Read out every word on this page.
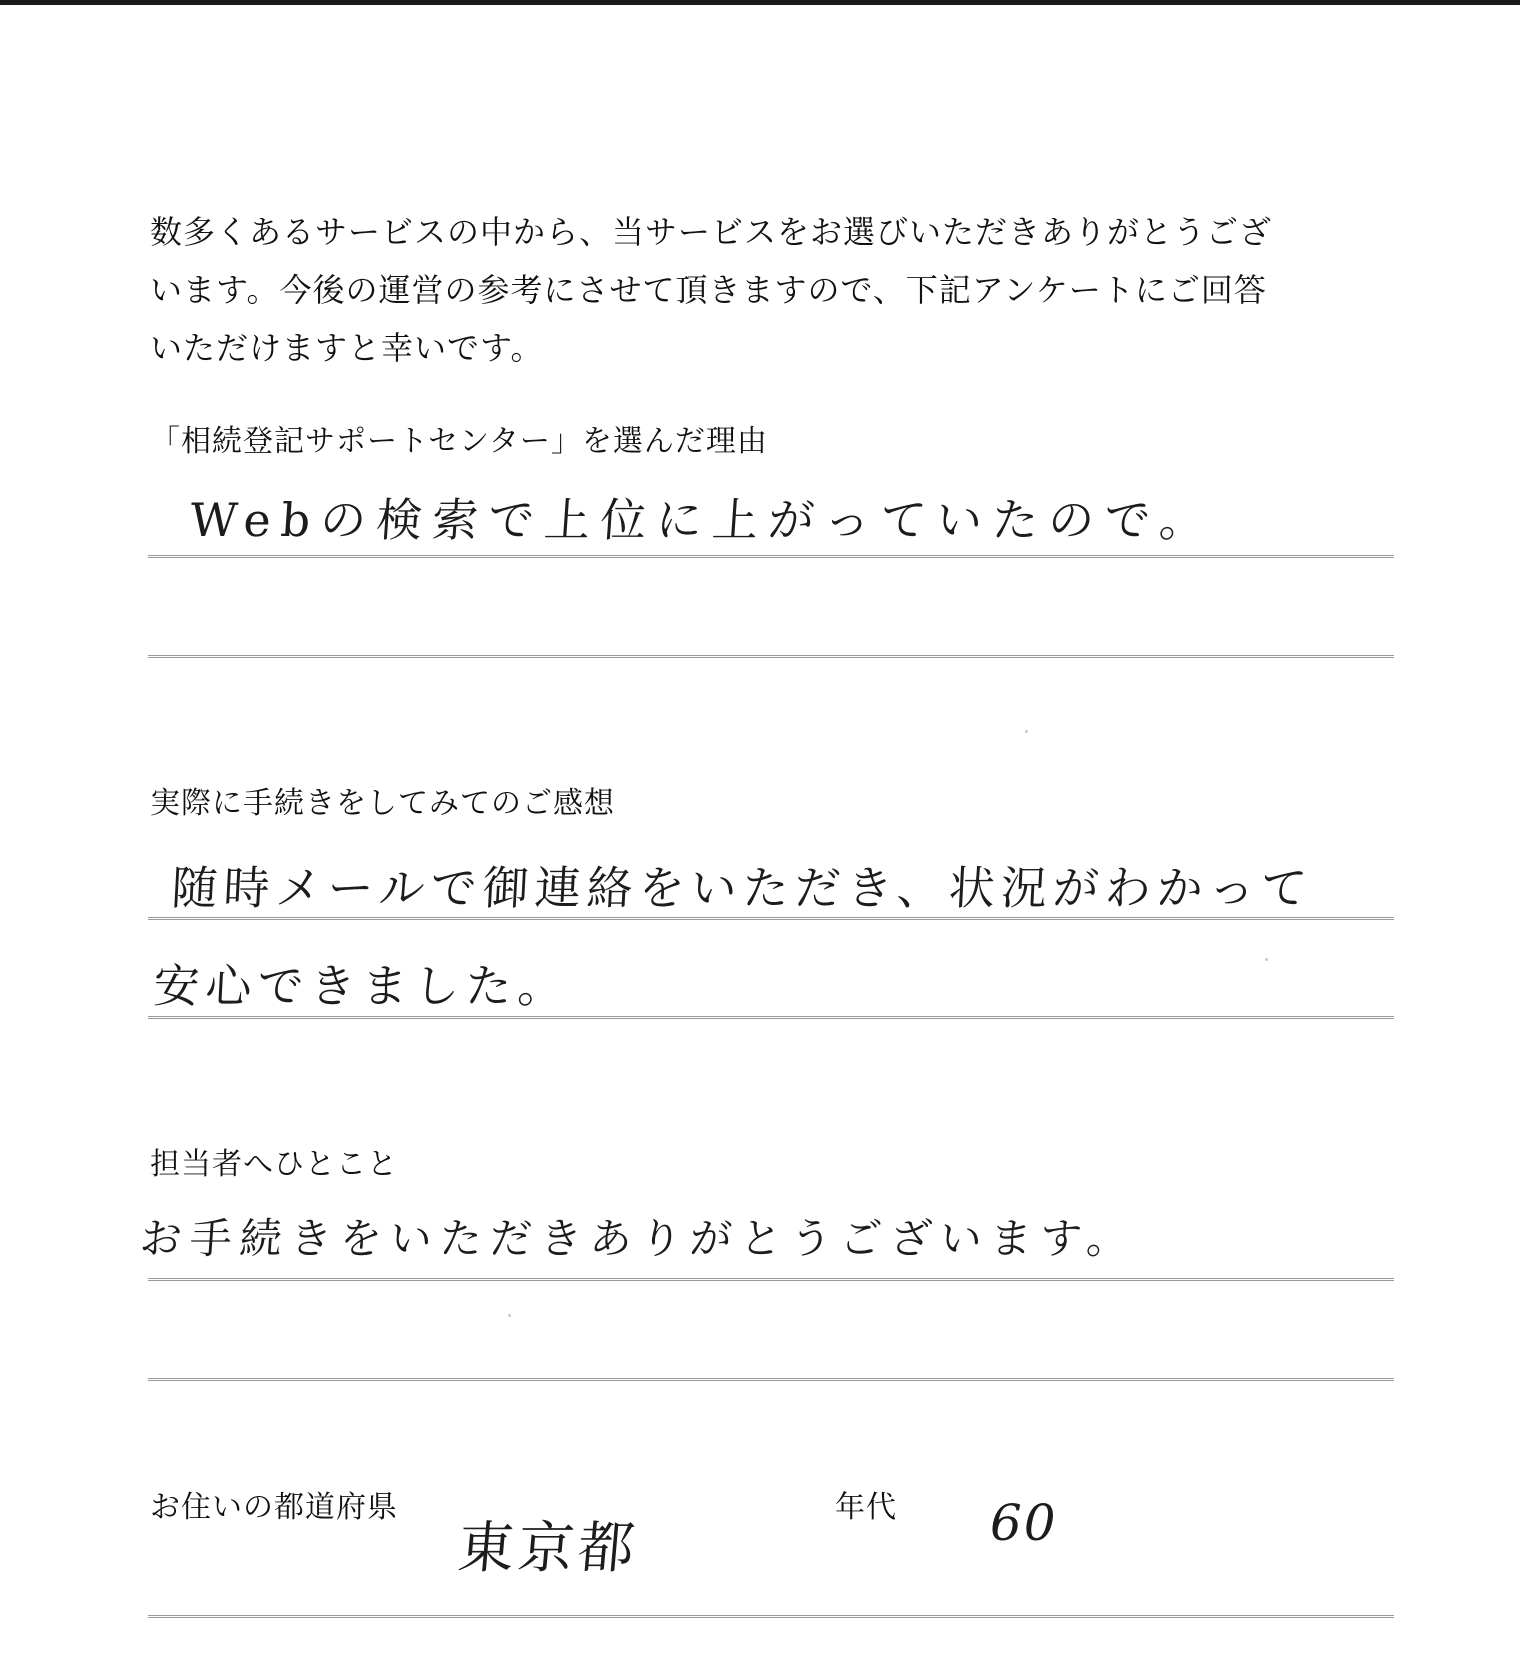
数多くあるサービスの中から、当サービスをお選びいただきありがとうござ

います。今後の運営の参考にさせて頂きますので、下記アンケートにご回答

いただけますと幸いです。

「相続登記サポートセンター」を選んだ理由
Webの検索で上位に上がっていたので。
実際に手続きをしてみてのご感想
随時メールで御連絡をいただき、状況がわかって
安心できました。
担当者へひとこと
お手続きをいただきありがとうございます。
お住いの都道府県
東京都
年代 60
